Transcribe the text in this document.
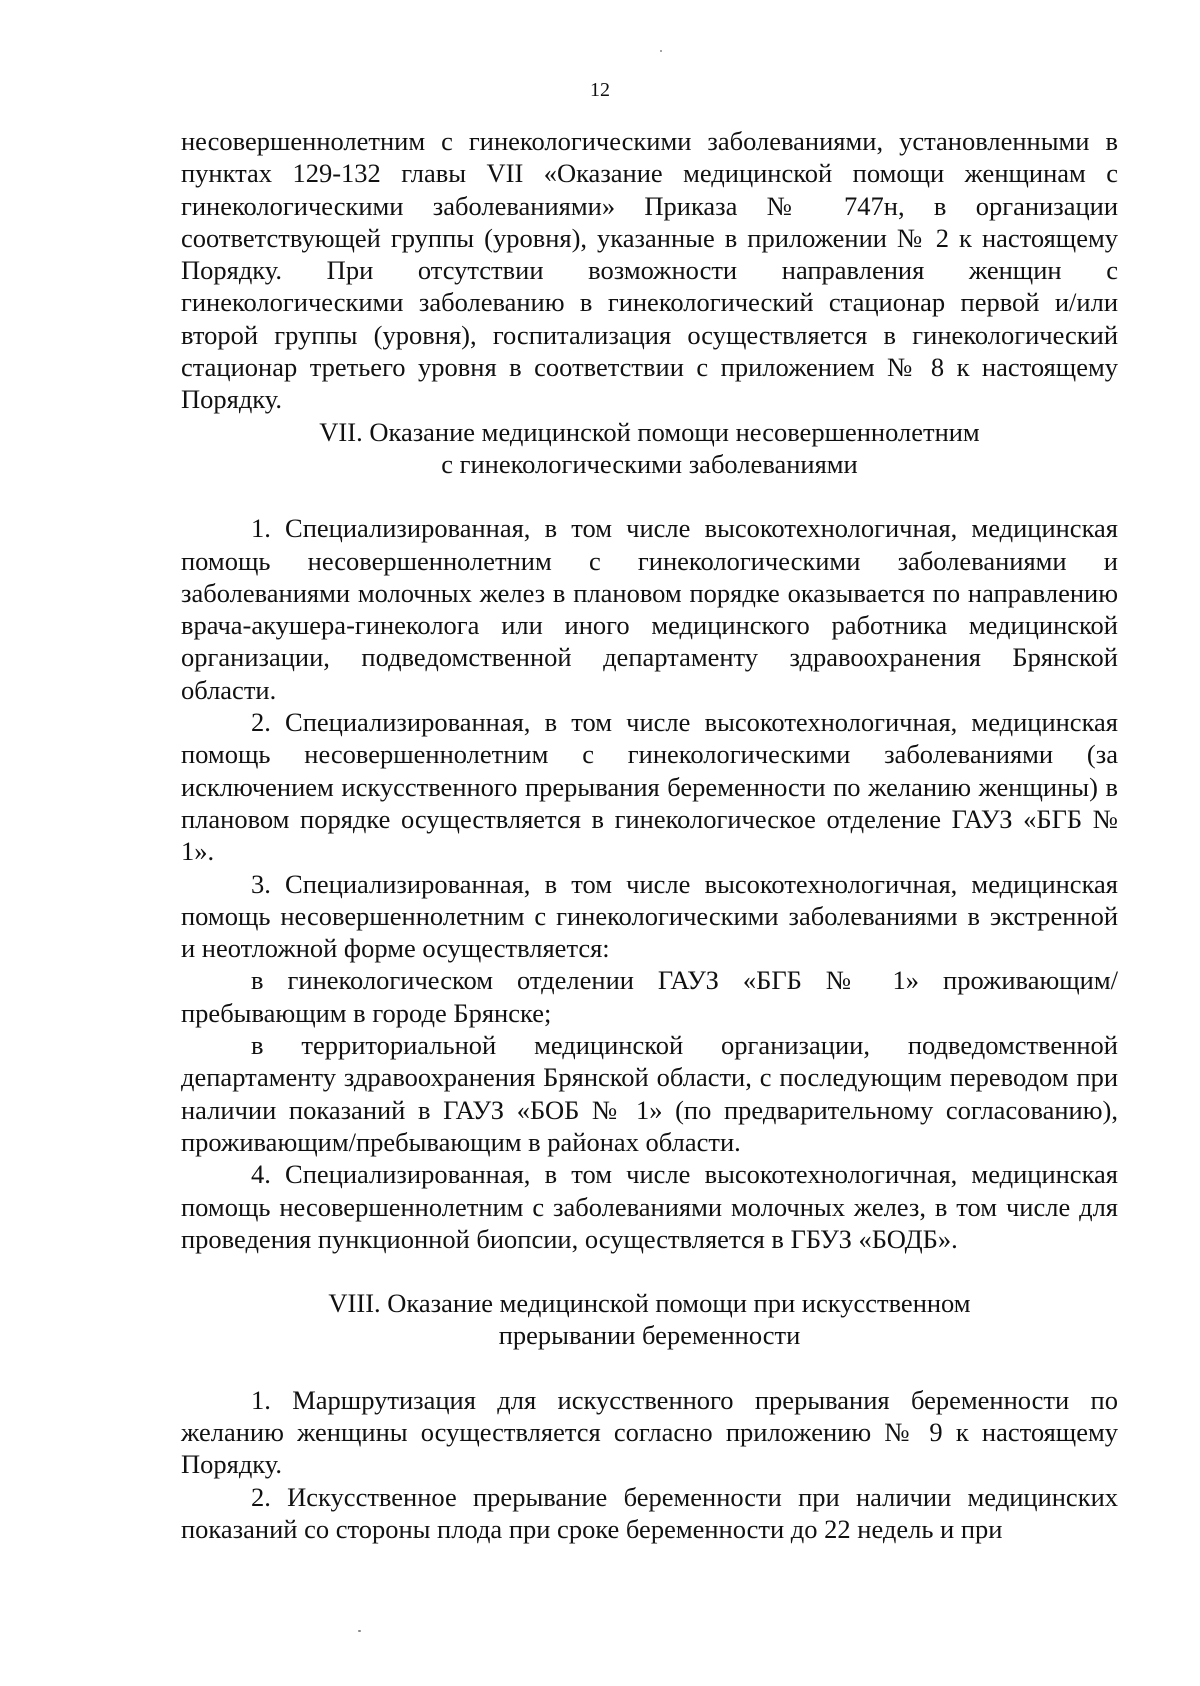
12

несовершеннолетним с гинекологическими заболеваниями, установленными в пунктах 129-132 главы VII «Оказание медицинской помощи женщинам с гинекологическими заболеваниями» Приказа № 747н, в организации соответствующей группы (уровня), указанные в приложении № 2 к настоящему Порядку. При отсутствии возможности направления женщин с гинекологическими заболеванию в гинекологический стационар первой и/или второй группы (уровня), госпитализация осуществляется в гинекологический стационар третьего уровня в соответствии с приложением № 8 к настоящему Порядку.

VII. Оказание медицинской помощи несовершеннолетним
с гинекологическими заболеваниями

1. Специализированная, в том числе высокотехнологичная, медицинская помощь несовершеннолетним с гинекологическими заболеваниями и заболеваниями молочных желез в плановом порядке оказывается по направлению врача-акушера-гинеколога или иного медицинского работника медицинской организации, подведомственной департаменту здравоохранения Брянской области.

2. Специализированная, в том числе высокотехнологичная, медицинская помощь несовершеннолетним с гинекологическими заболеваниями (за исключением искусственного прерывания беременности по желанию женщины) в плановом порядке осуществляется в гинекологическое отделение ГАУЗ «БГБ № 1».

3. Специализированная, в том числе высокотехнологичная, медицинская помощь несовершеннолетним с гинекологическими заболеваниями в экстренной и неотложной форме осуществляется:

в гинекологическом отделении ГАУЗ «БГБ № 1» проживающим/пребывающим в городе Брянске;

в территориальной медицинской организации, подведомственной департаменту здравоохранения Брянской области, с последующим переводом при наличии показаний в ГАУЗ «БОБ № 1» (по предварительному согласованию), проживающим/пребывающим в районах области.

4. Специализированная, в том числе высокотехнологичная, медицинская помощь несовершеннолетним с заболеваниями молочных желез, в том числе для проведения пункционной биопсии, осуществляется в ГБУЗ «БОДБ».

VIII. Оказание медицинской помощи при искусственном
прерывании беременности

1. Маршрутизация для искусственного прерывания беременности по желанию женщины осуществляется согласно приложению № 9 к настоящему Порядку.

2. Искусственное прерывание беременности при наличии медицинских показаний со стороны плода при сроке беременности до 22 недель и при
